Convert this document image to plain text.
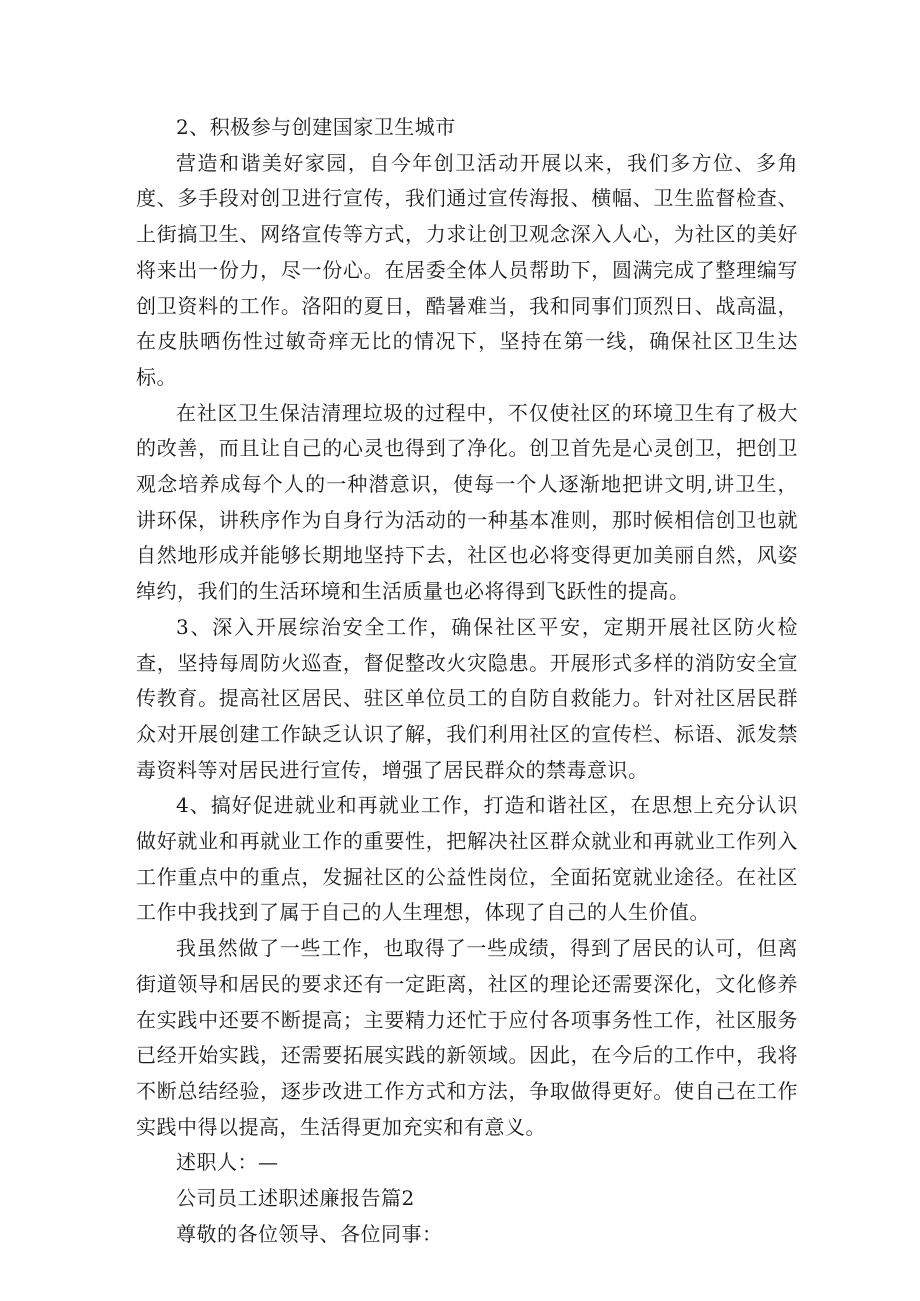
2、积极参与创建国家卫生城市

营造和谐美好家园，自今年创卫活动开展以来，我们多方位、多角度、多手段对创卫进行宣传，我们通过宣传海报、横幅、卫生监督检查、上街搞卫生、网络宣传等方式，力求让创卫观念深入人心，为社区的美好将来出一份力，尽一份心。在居委全体人员帮助下，圆满完成了整理编写创卫资料的工作。洛阳的夏日，酷暑难当，我和同事们顶烈日、战高温，在皮肤晒伤性过敏奇痒无比的情况下，坚持在第一线，确保社区卫生达标。

在社区卫生保洁清理垃圾的过程中，不仅使社区的环境卫生有了极大的改善，而且让自己的心灵也得到了净化。创卫首先是心灵创卫，把创卫观念培养成每个人的一种潜意识，使每一个人逐渐地把讲文明,讲卫生，讲环保，讲秩序作为自身行为活动的一种基本准则，那时候相信创卫也就自然地形成并能够长期地坚持下去，社区也必将变得更加美丽自然，风姿绰约，我们的生活环境和生活质量也必将得到飞跃性的提高。

3、深入开展综治安全工作，确保社区平安，定期开展社区防火检查，坚持每周防火巡查，督促整改火灾隐患。开展形式多样的消防安全宣传教育。提高社区居民、驻区单位员工的自防自救能力。针对社区居民群众对开展创建工作缺乏认识了解，我们利用社区的宣传栏、标语、派发禁毒资料等对居民进行宣传，增强了居民群众的禁毒意识。

4、搞好促进就业和再就业工作，打造和谐社区，在思想上充分认识做好就业和再就业工作的重要性，把解决社区群众就业和再就业工作列入工作重点中的重点，发掘社区的公益性岗位，全面拓宽就业途径。在社区工作中我找到了属于自己的人生理想，体现了自己的人生价值。

我虽然做了一些工作，也取得了一些成绩，得到了居民的认可，但离街道领导和居民的要求还有一定距离，社区的理论还需要深化，文化修养在实践中还要不断提高；主要精力还忙于应付各项事务性工作，社区服务已经开始实践，还需要拓展实践的新领域。因此，在今后的工作中，我将不断总结经验，逐步改进工作方式和方法，争取做得更好。使自己在工作实践中得以提高，生活得更加充实和有意义。

述职人：—

公司员工述职述廉报告篇2

尊敬的各位领导、各位同事：
